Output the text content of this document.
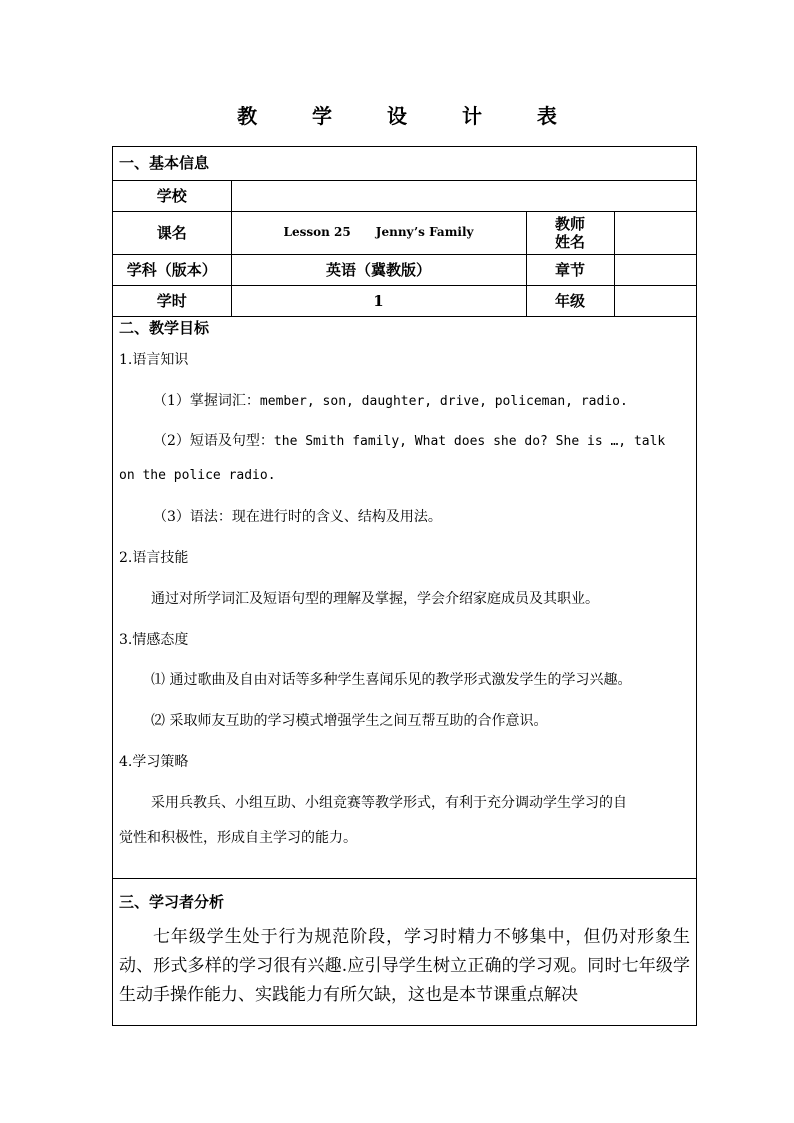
教 学 设 计 表
一、基本信息			
学校			
课名	Lesson 25 Jenny’s Family	教师
姓名	

学科（版本）	英语（冀教版）	章节	
学时	1	年级	
二、教学目标
1.语言知识
（1）掌握词汇：member, son, daughter, drive, policeman, radio.
（2）短语及句型：the Smith family, What does she do? She is …, talk
on the police radio.
（3）语法：现在进行时的含义、结构及用法。
2.语言技能
通过对所学词汇及短语句型的理解及掌握，学会介绍家庭成员及其职业。
3.情感态度
⑴ 通过歌曲及自由对话等多种学生喜闻乐见的教学形式激发学生的学习兴趣。
⑵ 采取师友互助的学习模式增强学生之间互帮互助的合作意识。
4.学习策略
采用兵教兵、小组互助、小组竞赛等教学形式，有利于充分调动学生学习的自
觉性和积极性，形成自主学习的能力。
三、学习者分析
七年级学生处于行为规范阶段，学习时精力不够集中，但仍对形象生动、形式多样的学习很有兴趣.应引导学生树立正确的学习观。同时七年级学生动手操作能力、实践能力有所欠缺，这也是本节课重点解决
